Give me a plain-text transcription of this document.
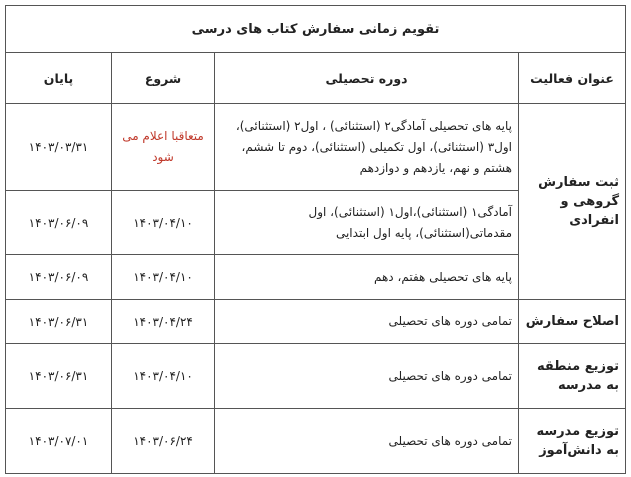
تقویم زمانی سفارش کتاب های درسی			
عنوان فعالیت	دوره تحصیلی	شروع	پایان
ثبت سفارش گروهی و انفرادی	پایه های تحصیلی آمادگی۲ (استثنائی) ، اول۲ (استثنائی)، اول۳ (استثنائی)، اول تکمیلی (استثنائی)، دوم تا ششم، هشتم و نهم، یازدهم و دوازدهم	متعاقبا اعلام می شود	۱۴۰۳/۰۳/۳۱
	آمادگی۱ (استثنائی)،اول۱ (استثنائی)، اول مقدماتی(استثنائی)، پایه اول ابتدایی	۱۴۰۳/۰۴/۱۰	۱۴۰۳/۰۶/۰۹
	پایه های تحصیلی هفتم، دهم	۱۴۰۳/۰۴/۱۰	۱۴۰۳/۰۶/۰۹
اصلاح سفارش	تمامی دوره های تحصیلی	۱۴۰۳/۰۴/۲۴	۱۴۰۳/۰۶/۳۱
توزیع منطقه به مدرسه	تمامی دوره های تحصیلی	۱۴۰۳/۰۴/۱۰	۱۴۰۳/۰۶/۳۱
توزیع مدرسه به دانش‌آموز	تمامی دوره های تحصیلی	۱۴۰۳/۰۶/۲۴	۱۴۰۳/۰۷/۰۱
